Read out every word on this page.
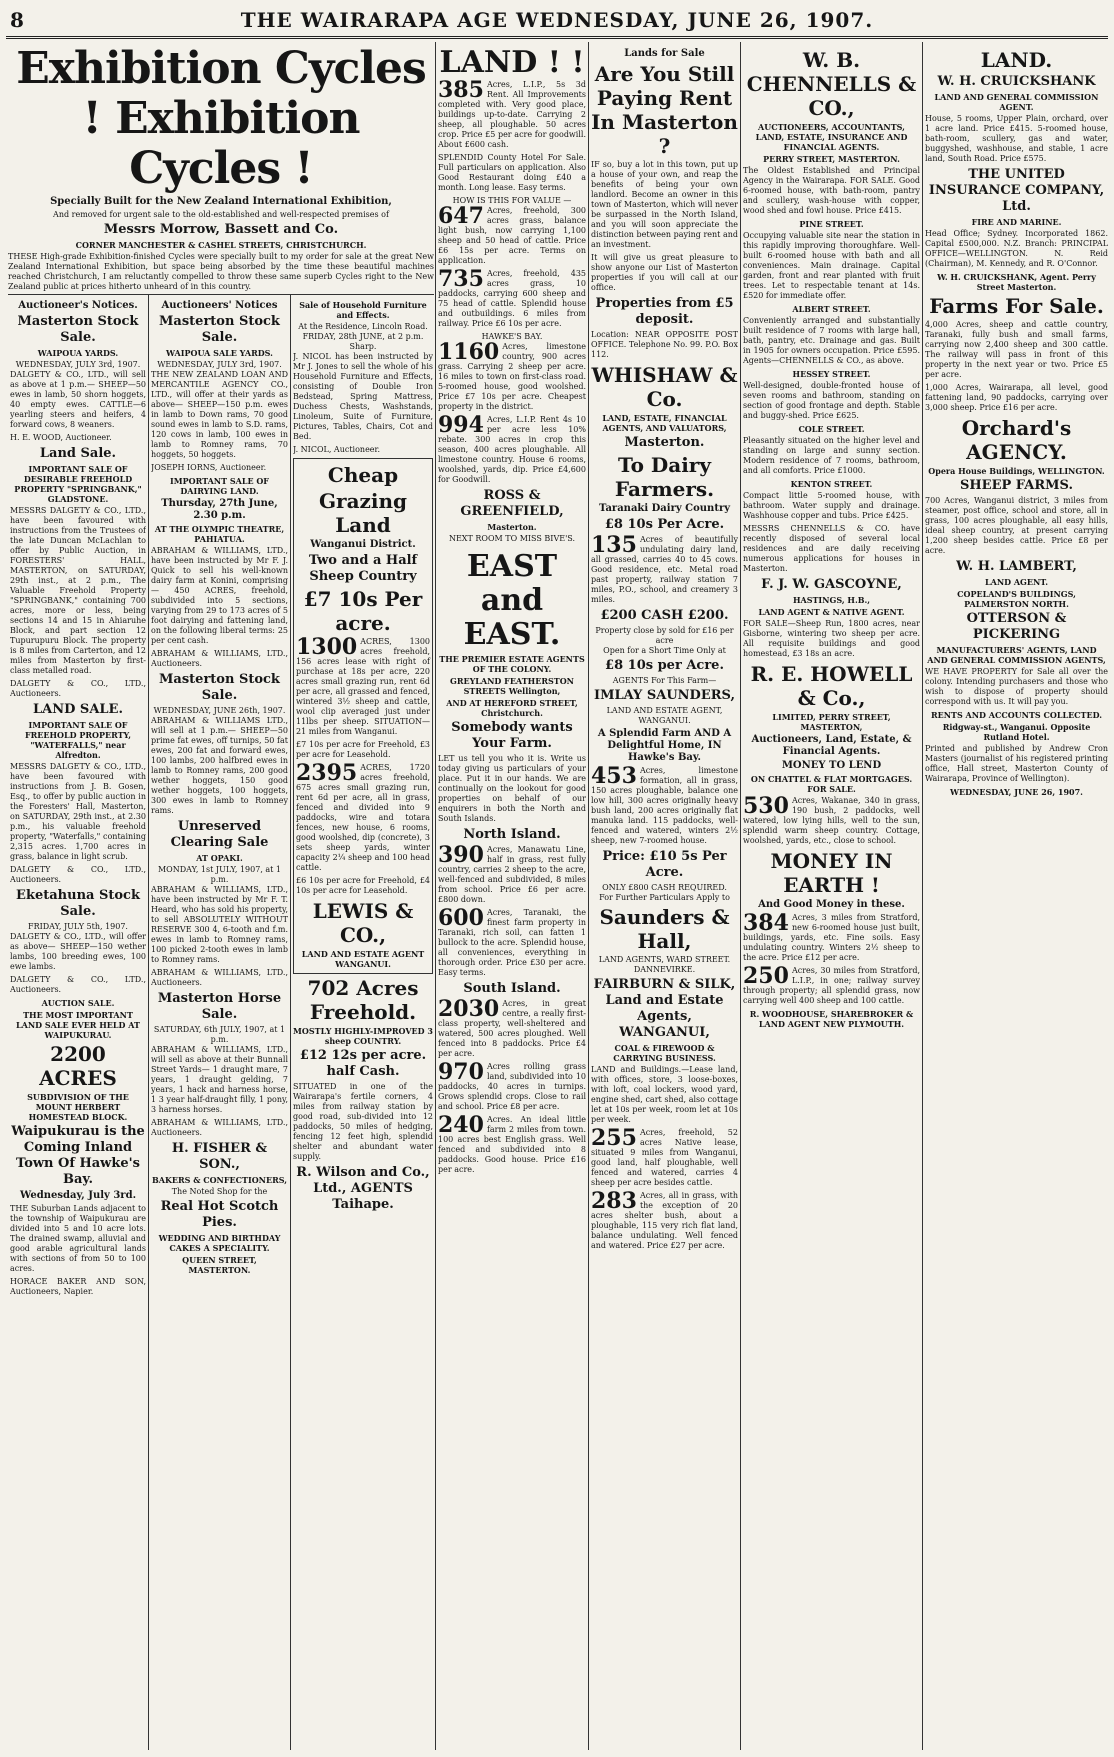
8	THE WAIRARAPA AGE WEDNESDAY, JUNE 26, 1907.
Exhibition Cycles ! Exhibition Cycles !
Specially Built for the New Zealand International Exhibition,
And removed for urgent sale to the old-established and well-respected premises of
Messrs Morrow, Bassett and Co.
CORNER MANCHESTER & CASHEL STREETS, CHRISTCHURCH.

THESE High-grade Exhibition-finished Cycles were specially built to my order for sale at the great New Zealand International Exhibition, but space being absorbed by the time these beautiful machines reached Christchurch, I am reluctantly compelled to throw these same superb Cycles right to the New Zealand public at prices hitherto unheard of in this country.

Auctioneer's Notices.
Masterton Stock Sale.
WAIPOUA YARDS.
WEDNESDAY, JULY 3rd, 1907.

DALGETY & CO., LTD., will sell as above at 1 p.m.— SHEEP—50 ewes in lamb, 50 shorn hoggets, 40 empty ewes. CATTLE—6 yearling steers and heifers, 4 forward cows, 8 weaners.

H. E. WOOD, Auctioneer.

Land Sale.
IMPORTANT SALE OF DESIRABLE FREEHOLD PROPERTY "SPRINGBANK," GLADSTONE.

MESSRS DALGETY & CO., LTD., have been favoured with instructions from the Trustees of the late Duncan McLachlan to offer by Public Auction, in FORESTERS' HALL, MASTERTON, on SATURDAY, 29th inst., at 2 p.m., The Valuable Freehold Property "SPRINGBANK," containing 700 acres, more or less, being sections 14 and 15 in Ahiaruhe Block, and part section 12 Tupurupuru Block. The property is 8 miles from Carterton, and 12 miles from Masterton by first-class metalled road.

DALGETY & CO., LTD., Auctioneers.

LAND SALE.
IMPORTANT SALE OF FREEHOLD PROPERTY, "WATERFALLS," near Alfredton.

MESSRS DALGETY & CO., LTD., have been favoured with instructions from J. B. Gosen, Esq., to offer by public auction in the Foresters' Hall, Masterton, on SATURDAY, 29th inst., at 2.30 p.m., his valuable freehold property, "Waterfalls," containing 2,315 acres. 1,700 acres in grass, balance in light scrub.

DALGETY & CO., LTD., Auctioneers.

Eketahuna Stock Sale.
FRIDAY, JULY 5th, 1907.

DALGETY & CO., LTD., will offer as above— SHEEP—150 wether lambs, 100 breeding ewes, 100 ewe lambs.

DALGETY & CO., LTD., Auctioneers.

AUCTION SALE.
THE MOST IMPORTANT LAND SALE EVER HELD AT WAIPUKURAU.
2200 ACRES
SUBDIVISION OF THE MOUNT HERBERT HOMESTEAD BLOCK.
Waipukurau is the Coming Inland Town Of Hawke's Bay.
Wednesday, July 3rd.

THE Suburban Lands adjacent to the township of Waipukurau are divided into 5 and 10 acre lots. The drained swamp, alluvial and good arable agricultural lands with sections of from 50 to 100 acres.

HORACE BAKER AND SON, Auctioneers, Napier.

Auctioneers' Notices
Masterton Stock Sale.
WAIPOUA SALE YARDS.
WEDNESDAY, JULY 3rd, 1907.

THE NEW ZEALAND LOAN AND MERCANTILE AGENCY CO., LTD., will offer at their yards as above— SHEEP—150 p.m. ewes in lamb to Down rams, 70 good sound ewes in lamb to S.D. rams, 120 cows in lamb, 100 ewes in lamb to Romney rams, 70 hoggets, 50 hoggets.

JOSEPH IORNS, Auctioneer.

IMPORTANT SALE OF DAIRYING LAND.
Thursday, 27th June, 2.30 p.m.
AT THE OLYMPIC THEATRE, PAHIATUA.

ABRAHAM & WILLIAMS, LTD., have been instructed by Mr F. J. Quick to sell his well-known dairy farm at Konini, comprising— 450 ACRES, freehold, subdivided into 5 sections, varying from 29 to 173 acres of 5 foot dairying and fattening land, on the following liberal terms: 25 per cent cash.

ABRAHAM & WILLIAMS, LTD., Auctioneers.

Masterton Stock Sale.
WEDNESDAY, JUNE 26th, 1907.

ABRAHAM & WILLIAMS LTD., will sell at 1 p.m.— SHEEP—50 prime fat ewes, off turnips, 50 fat ewes, 200 fat and forward ewes, 100 lambs, 200 halfbred ewes in lamb to Romney rams, 200 good wether hoggets, 150 good wether hoggets, 100 hoggets, 300 ewes in lamb to Romney rams.

Unreserved Clearing Sale
AT OPAKI.
MONDAY, 1st JULY, 1907, at 1 p.m.

ABRAHAM & WILLIAMS, LTD., have been instructed by Mr F. T. Heard, who has sold his property, to sell ABSOLUTELY WITHOUT RESERVE 300 4, 6-tooth and f.m. ewes in lamb to Romney rams, 100 picked 2-tooth ewes in lamb to Romney rams.

ABRAHAM & WILLIAMS, LTD., Auctioneers.

Masterton Horse Sale.
SATURDAY, 6th JULY, 1907, at 1 p.m.

ABRAHAM & WILLIAMS, LTD., will sell as above at their Bunnall Street Yards— 1 draught mare, 7 years, 1 draught gelding, 7 years, 1 hack and harness horse, 1 3 year half-draught filly, 1 pony, 3 harness horses.

ABRAHAM & WILLIAMS, LTD., Auctioneers.

H. FISHER & SON.,
BAKERS & CONFECTIONERS,
The Noted Shop for the
Real Hot Scotch Pies.
WEDDING AND BIRTHDAY CAKES A SPECIALITY.
QUEEN STREET, MASTERTON.
Sale of Household Furniture and Effects.
At the Residence, Lincoln Road.
FRIDAY, 28th JUNE, at 2 p.m. Sharp.

J. NICOL has been instructed by Mr J. Jones to sell the whole of his Household Furniture and Effects, consisting of Double Iron Bedstead, Spring Mattress, Duchess Chests, Washstands, Linoleum, Suite of Furniture, Pictures, Tables, Chairs, Cot and Bed.

J. NICOL, Auctioneer.

Cheap
Grazing Land
Wanganui District.
Two and a Half Sheep Country
£7 10s Per acre.

1300 ACRES, 1300 acres freehold, 156 acres lease with right of purchase at 18s per acre, 220 acres small grazing run, rent 6d per acre, all grassed and fenced, wintered 3½ sheep and cattle, wool clip averaged just under 11lbs per sheep. SITUATION—21 miles from Wanganui.

£7 10s per acre for Freehold, £3 per acre for Leasehold.

2395 ACRES, 1720 acres freehold, 675 acres small grazing run, rent 6d per acre, all in grass, fenced and divided into 9 paddocks, wire and totara fences, new house, 6 rooms, good woolshed, dip (concrete), 3 sets sheep yards, winter capacity 2¼ sheep and 100 head cattle.

£6 10s per acre for Freehold, £4 10s per acre for Leasehold.

LEWIS & CO.,
LAND AND ESTATE AGENT WANGANUI.
702 Acres Freehold.
MOSTLY HIGHLY-IMPROVED 3 sheep COUNTRY.
£12 12s per acre. half Cash.

SITUATED in one of the Wairarapa's fertile corners, 4 miles from railway station by good road, sub-divided into 12 paddocks, 50 miles of hedging, fencing 12 feet high, splendid shelter and abundant water supply.

R. Wilson and Co., Ltd., AGENTS Taihape.
LAND ! !

385 Acres, L.I.P., 5s 3d Rent. All Improvements completed with. Very good place, buildings up-to-date. Carrying 2 sheep, all ploughable. 50 acres crop. Price £5 per acre for goodwill. About £600 cash.

SPLENDID County Hotel For Sale. Full particulars on application. Also Good Restaurant doing £40 a month. Long lease. Easy terms.

HOW IS THIS FOR VALUE —

647 Acres, freehold, 300 acres grass, balance light bush, now carrying 1,100 sheep and 50 head of cattle. Price £6 15s per acre. Terms on application.

735 Acres, freehold, 435 acres grass, 10 paddocks, carrying 600 sheep and 75 head of cattle. Splendid house and outbuildings. 6 miles from railway. Price £6 10s per acre.

HAWKE'S BAY.

1160 Acres, limestone country, 900 acres grass. Carrying 2 sheep per acre. 16 miles to town on first-class road. 5-roomed house, good woolshed. Price £7 10s per acre. Cheapest property in the district.

994 Acres, L.I.P. Rent 4s 10 per acre less 10% rebate. 300 acres in crop this season, 400 acres ploughable. All limestone country. House 6 rooms, woolshed, yards, dip. Price £4,600 for Goodwill.

ROSS & GREENFIELD,
Masterton.
NEXT ROOM TO MISS BIVE'S.
EAST and EAST.
THE PREMIER ESTATE AGENTS OF THE COLONY.
GREYLAND FEATHERSTON STREETS Wellington,
AND AT HEREFORD STREET, Christchurch.
Somebody wants Your Farm.

LET us tell you who it is. Write us today giving us particulars of your place. Put it in our hands. We are continually on the lookout for good properties on behalf of our enquirers in both the North and South Islands.

North Island.

390 Acres, Manawatu Line, half in grass, rest fully country, carries 2 sheep to the acre, well-fenced and subdivided, 8 miles from school. Price £6 per acre. £800 down.

600 Acres, Taranaki, the finest farm property in Taranaki, rich soil, can fatten 1 bullock to the acre. Splendid house, all conveniences, everything in thorough order. Price £30 per acre. Easy terms.

South Island.

2030 Acres, in great centre, a really first-class property, well-sheltered and watered, 500 acres ploughed. Well fenced into 8 paddocks. Price £4 per acre.

970 Acres rolling grass land, subdivided into 10 paddocks, 40 acres in turnips. Grows splendid crops. Close to rail and school. Price £8 per acre.

240 Acres. An ideal little farm 2 miles from town. 100 acres best English grass. Well fenced and subdivided into 8 paddocks. Good house. Price £16 per acre.

Lands for Sale
Are You Still Paying Rent In Masterton ?

IF so, buy a lot in this town, put up a house of your own, and reap the benefits of being your own landlord. Become an owner in this town of Masterton, which will never be surpassed in the North Island, and you will soon appreciate the distinction between paying rent and an investment.

It will give us great pleasure to show anyone our List of Masterton properties if you will call at our office.

Properties from £5 deposit.

Location: NEAR OPPOSITE POST OFFICE. Telephone No. 99. P.O. Box 112.

WHISHAW & Co.
LAND, ESTATE, FINANCIAL AGENTS, AND VALUATORS,
Masterton.
To Dairy Farmers.
Taranaki Dairy Country
£8 10s Per Acre.

135 Acres of beautifully undulating dairy land, all grassed, carries 40 to 45 cows. Good residence, etc. Metal road past property, railway station 7 miles, P.O., school, and creamery 3 miles.

£200 CASH £200.
Property close by sold for £16 per acre
Open for a Short Time Only at
£8 10s per Acre.
AGENTS For This Farm—
IMLAY SAUNDERS,
LAND AND ESTATE AGENT, WANGANUI.
A Splendid Farm AND A Delightful Home, IN Hawke's Bay.

453 Acres, limestone formation, all in grass, 150 acres ploughable, balance one low hill, 300 acres originally heavy bush land, 200 acres originally flat manuka land. 115 paddocks, well-fenced and watered, winters 2½ sheep, new 7-roomed house.

Price: £10 5s Per Acre.
ONLY £800 CASH REQUIRED.
For Further Particulars Apply to
Saunders & Hall,
LAND AGENTS, WARD STREET. DANNEVIRKE.
FAIRBURN & SILK, Land and Estate Agents, WANGANUI,
COAL & FIREWOOD & CARRYING BUSINESS.

LAND and Buildings.—Lease land, with offices, store, 3 loose-boxes, with loft, coal lockers, wood yard, engine shed, cart shed, also cottage let at 10s per week, room let at 10s per week.

255 Acres, freehold, 52 acres Native lease, situated 9 miles from Wanganui, good land, half ploughable, well fenced and watered, carries 4 sheep per acre besides cattle.

283 Acres, all in grass, with the exception of 20 acres shelter bush, about a ploughable, 115 very rich flat land, balance undulating. Well fenced and watered. Price £27 per acre.

W. B. CHENNELLS & CO.,
AUCTIONEERS, ACCOUNTANTS, LAND, ESTATE, INSURANCE AND FINANCIAL AGENTS.
PERRY STREET, MASTERTON.

The Oldest Established and Principal Agency in the Wairarapa. FOR SALE. Good 6-roomed house, with bath-room, pantry and scullery, wash-house with copper, wood shed and fowl house. Price £415.

PINE STREET.

Occupying valuable site near the station in this rapidly improving thoroughfare. Well-built 6-roomed house with bath and all conveniences. Main drainage. Capital garden, front and rear planted with fruit trees. Let to respectable tenant at 14s. £520 for immediate offer.

ALBERT STREET.

Conveniently arranged and substantially built residence of 7 rooms with large hall, bath, pantry, etc. Drainage and gas. Built in 1905 for owners occupation. Price £595. Agents—CHENNELLS & CO., as above.

HESSEY STREET.

Well-designed, double-fronted house of seven rooms and bathroom, standing on section of good frontage and depth. Stable and buggy-shed. Price £625.

COLE STREET.

Pleasantly situated on the higher level and standing on large and sunny section. Modern residence of 7 rooms, bathroom, and all comforts. Price £1000.

KENTON STREET.

Compact little 5-roomed house, with bathroom. Water supply and drainage. Washhouse copper and tubs. Price £425.

MESSRS CHENNELLS & CO. have recently disposed of several local residences and are daily receiving numerous applications for houses in Masterton.

F. J. W. GASCOYNE,
HASTINGS, H.B.,
LAND AGENT & NATIVE AGENT.

FOR SALE—Sheep Run, 1800 acres, near Gisborne, wintering two sheep per acre. All requisite buildings and good homestead, £3 18s an acre.

R. E. HOWELL & Co.,
LIMITED, PERRY STREET, MASTERTON,
Auctioneers, Land, Estate, & Financial Agents.
MONEY TO LEND
ON CHATTEL & FLAT MORTGAGES. FOR SALE.

530 Acres, Wakanae, 340 in grass, 190 bush, 2 paddocks, well watered, low lying hills, well to the sun, splendid warm sheep country. Cottage, woolshed, yards, etc., close to school.

MONEY IN EARTH !
And Good Money in these.

384 Acres, 3 miles from Stratford, new 6-roomed house just built, buildings, yards, etc. Fine soils. Easy undulating country. Winters 2½ sheep to the acre. Price £12 per acre.

250 Acres, 30 miles from Stratford, L.I.P., in one; railway survey through property; all splendid grass, now carrying well 400 sheep and 100 cattle.

R. WOODHOUSE, SHAREBROKER & LAND AGENT NEW PLYMOUTH.
LAND.
W. H. CRUICKSHANK
LAND AND GENERAL COMMISSION AGENT.

House, 5 rooms, Upper Plain, orchard, over 1 acre land. Price £415. 5-roomed house, bath-room, scullery, gas and water, buggyshed, washhouse, and stable, 1 acre land, South Road. Price £575.

THE UNITED INSURANCE COMPANY, Ltd.
FIRE AND MARINE.

Head Office; Sydney. Incorporated 1862. Capital £500,000. N.Z. Branch: PRINCIPAL OFFICE—WELLINGTON. N. Reid (Chairman), M. Kennedy, and R. O'Connor.

W. H. CRUICKSHANK, Agent. Perry Street Masterton.
Farms For Sale.

4,000 Acres, sheep and cattle country, Taranaki, fully bush and small farms, carrying now 2,400 sheep and 300 cattle. The railway will pass in front of this property in the next year or two. Price £5 per acre.

1,000 Acres, Wairarapa, all level, good fattening land, 90 paddocks, carrying over 3,000 sheep. Price £16 per acre.

Orchard's AGENCY.
Opera House Buildings, WELLINGTON.
SHEEP FARMS.

700 Acres, Wanganui district, 3 miles from steamer, post office, school and store, all in grass, 100 acres ploughable, all easy hills, ideal sheep country, at present carrying 1,200 sheep besides cattle. Price £8 per acre.

W. H. LAMBERT,
LAND AGENT.
COPELAND'S BUILDINGS, PALMERSTON NORTH.
OTTERSON & PICKERING
MANUFACTURERS' AGENTS, LAND AND GENERAL COMMISSION AGENTS,

WE HAVE PROPERTY for Sale all over the colony. Intending purchasers and those who wish to dispose of property should correspond with us. It will pay you.

RENTS AND ACCOUNTS COLLECTED.
Ridgway-st., Wanganui. Opposite Rutland Hotel.

Printed and published by Andrew Cron Masters (journalist of his registered printing office, Hall street, Masterton County of Wairarapa, Province of Wellington).

WEDNESDAY, JUNE 26, 1907.
